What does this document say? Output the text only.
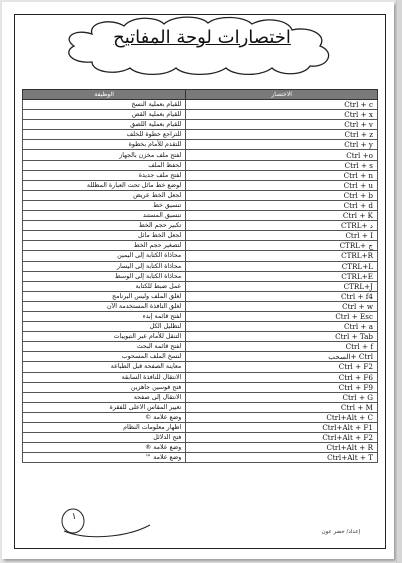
اختصارات لوحة المفاتيح
الوظيفة	الاختصار
للقيام بعملية النسخ	Ctrl + c
للقيام بعملية القص	Ctrl + x
للقيام بعملية اللصق	Ctrl + v
للتراجع خطوة للخلف	Ctrl + z
للتقدم للأمام بخطوة	Ctrl + y
لفتح ملف مخزن بالجهاز	Ctrl +o
لحفظ الملف	Ctrl + s
لفتح ملف جديدة	Ctrl + n
لوضع خط مائل تحت العبارة المظللة	Ctrl + u
لجعل الخط عريض	Ctrl + b
تنسيق خط	Ctrl + d
تنسيق المستند	Ctrl + K
تكبير حجم الخط	CTRL+ د
لجعل الخط مائل	Ctrl + I
لتصغير حجم الخط	CTRL+ ج
محاذاة الكتابة إلى اليمين	CTRL+R
محاذاة الكتابة إلى اليسار	CTRL+L
محاذاة الكتابة إلى الوسط	CTRL+E
عمل ضبط للكتابة	CTRL+J
لغلق الملف وليس البرنامج	Ctrl + f4
لغلق النافذة المستخدمة الآن	Ctrl + w
لفتح قائمة إبدء	Ctrl + Esc
لتظليل الكل	Ctrl + a
التنقل للأمام عبر التبويبات	Ctrl + Tab
لفتح قائمة البحث	Ctrl + f
لنسخ الملف المسحوب	السحب+ Ctrl
معاينة الصفحة قبل الطباعة	Ctrl + F2
الانتقال للنافذة السابقة	Ctrl + F6
فتح قوسين جاهزين	Ctrl + F9
الانتقال إلى صفحة	Ctrl + G
تغيير المقاس الاعلى للفقرة	Ctrl + M
وضع علامة ©	Ctrl+Alt + C
اظهار معلومات النظام	Ctrl+Alt + F1
فتح الدلائل	Ctrl+Alt + F2
وضع علامة ®	Ctrl+Alt + R
وضع علامة ™	Ctrl+Alt + T
١
إعداد/ خضر عون
